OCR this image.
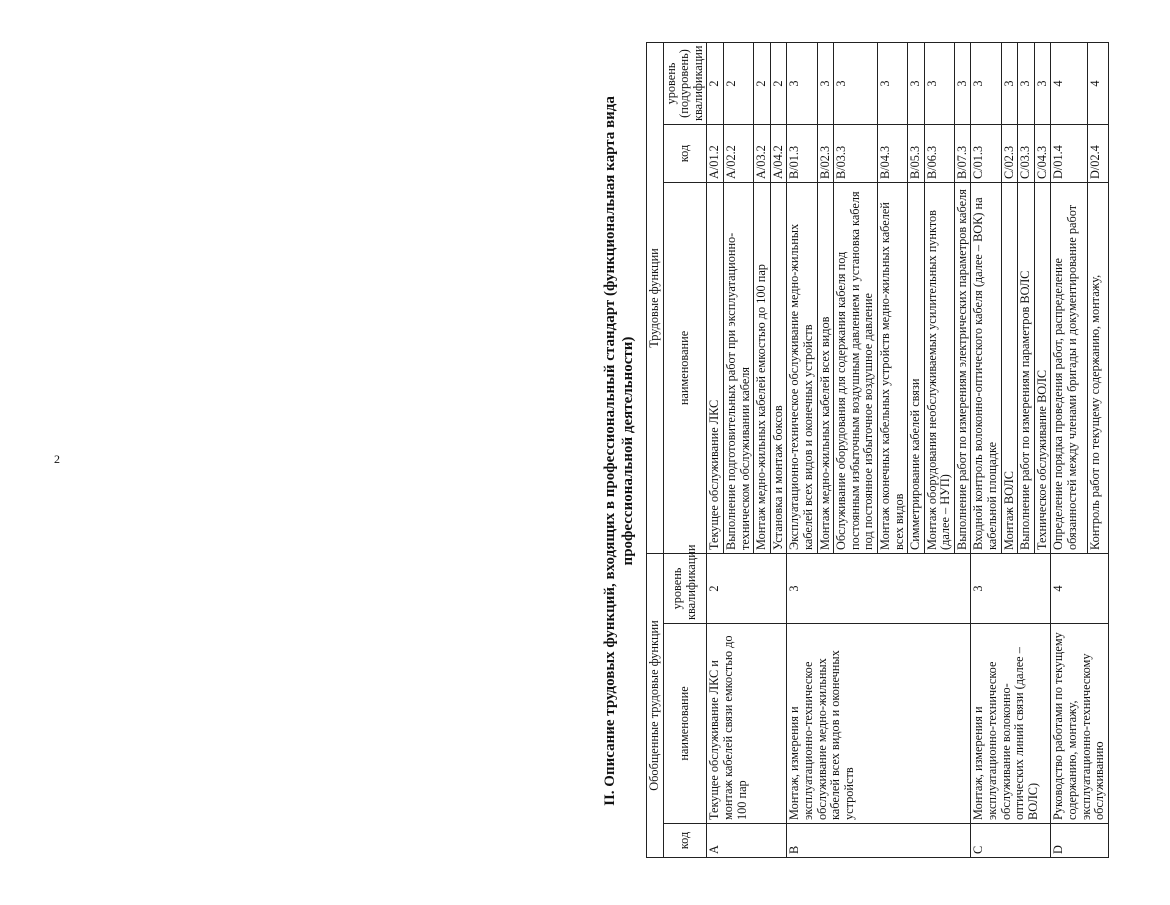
2	II. Описание трудовых функций, входящих в профессиональный стандарт (функциональная карта вида профессиональной деятельности)
Обобщенные трудовые функции			Трудовые функции		
код	наименование	уровень квалификации	наименование	код	уровень (подуровень) квалификации
A	Текущее обслуживание ЛКС и монтаж кабелей связи емкостью до 100 пар	2	Текущее обслуживание ЛКС	A/01.2	2
			Выполнение подготовительных работ при эксплуатационно-техническом обслуживании кабеля	A/02.2	2
			Монтаж медно-жильных кабелей емкостью до 100 пар	A/03.2	2
			Установка и монтаж боксов	A/04.2	2
B	Монтаж, измерения и эксплуатационно-техническое обслуживание медно-жильных кабелей всех видов и оконечных устройств	3	Эксплуатационно-техническое обслуживание медно-жильных кабелей всех видов и оконечных устройств	B/01.3	3
			Монтаж медно-жильных кабелей всех видов	B/02.3	3
			Обслуживание оборудования для содержания кабеля под постоянным избыточным воздушным давлением и установка кабеля под постоянное избыточное воздушное давление	B/03.3	3
			Монтаж оконечных кабельных устройств медно-жильных кабелей всех видов	B/04.3	3
			Симметрирование кабелей связи	B/05.3	3
			Монтаж оборудования необслуживаемых усилительных пунктов (далее – НУП)	B/06.3	3
			Выполнение работ по измерениям электрических параметров кабеля	B/07.3	3
C	Монтаж, измерения и эксплуатационно-техническое обслуживание волоконно-оптических линий связи (далее – ВОЛС)	3	Входной контроль волоконно-оптического кабеля (далее – ВОК) на кабельной площадке	C/01.3	3
			Монтаж ВОЛС	C/02.3	3
			Выполнение работ по измерениям параметров ВОЛС	C/03.3	3
			Техническое обслуживание ВОЛС	C/04.3	3
D	Руководство работами по текущему содержанию, монтажу, эксплуатационно-техническому обслуживанию	4	Определение порядка проведения работ, распределение обязанностей между членами бригады и документирование работ	D/01.4	4
			Контроль работ по текущему содержанию, монтажу,	D/02.4	4
